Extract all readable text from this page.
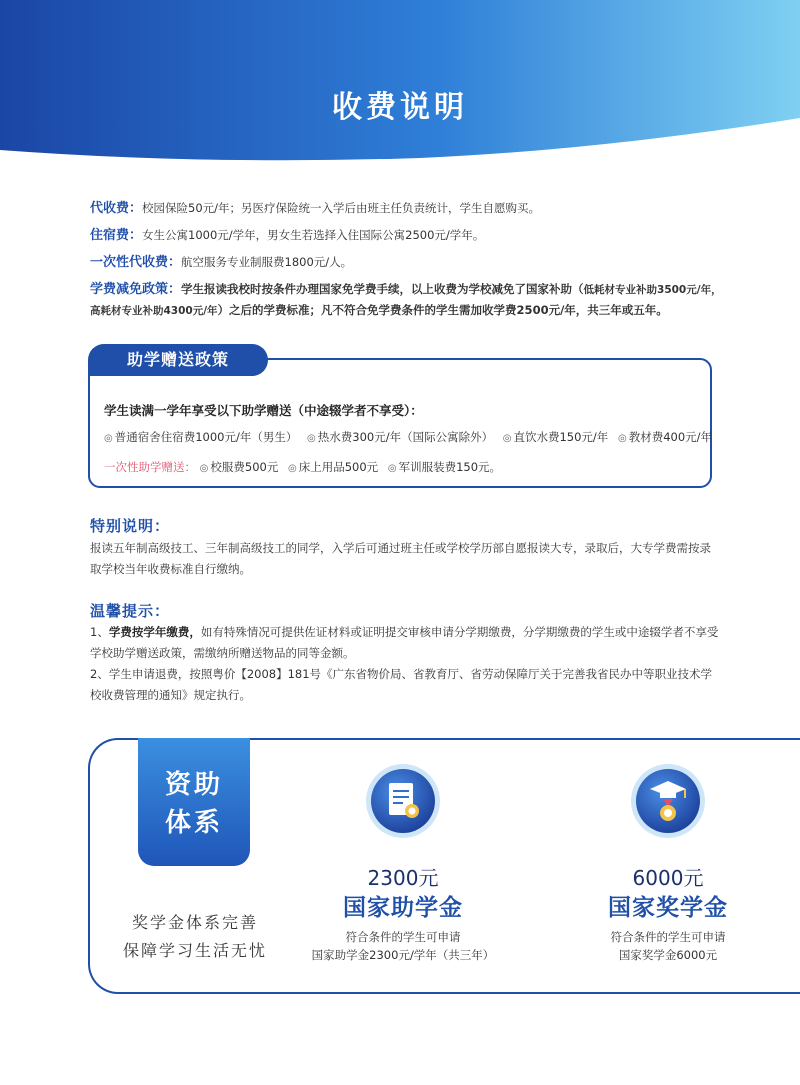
收费说明
代收费：校园保险50元/年；另医疗保险统一入学后由班主任负责统计，学生自愿购买。
住宿费：女生公寓1000元/学年，男女生若选择入住国际公寓2500元/学年。
一次性代收费：航空服务专业制服费1800元/人。
学费减免政策：学生报读我校时按条件办理国家免学费手续，以上收费为学校减免了国家补助（低耗材专业补助3500元/年，高耗材专业补助4300元/年）之后的学费标准；凡不符合免学费条件的学生需加收学费2500元/年，共三年或五年。
助学赠送政策
学生读满一学年享受以下助学赠送（中途辍学者不享受）：
◎ 普通宿舍住宿费1000元/年（男生） ◎ 热水费300元/年（国际公寓除外） ◎ 直饮水费150元/年 ◎ 教材费400元/年
一次性助学赠送： ◎ 校服费500元 ◎ 床上用品500元 ◎ 军训服装费150元。
特别说明：
报读五年制高级技工、三年制高级技工的同学，入学后可通过班主任或学校学历部自愿报读大专，录取后，大专学费需按录取学校当年收费标准自行缴纳。
温馨提示：
1、学费按学年缴费，如有特殊情况可提供佐证材料或证明提交审核申请分学期缴费，分学期缴费的学生或中途辍学者不享受学校助学赠送政策，需缴纳所赠送物品的同等金额。
2、学生申请退费，按照粤价【2008】181号《广东省物价局、省教育厅、省劳动保障厅关于完善我省民办中等职业技术学校收费管理的通知》规定执行。
资助
体系
奖学金体系完善
保障学习生活无忧
2300元
国家助学金
符合条件的学生可申请
国家助学金2300元/学年（共三年）
6000元
国家奖学金
符合条件的学生可申请
国家奖学金6000元
